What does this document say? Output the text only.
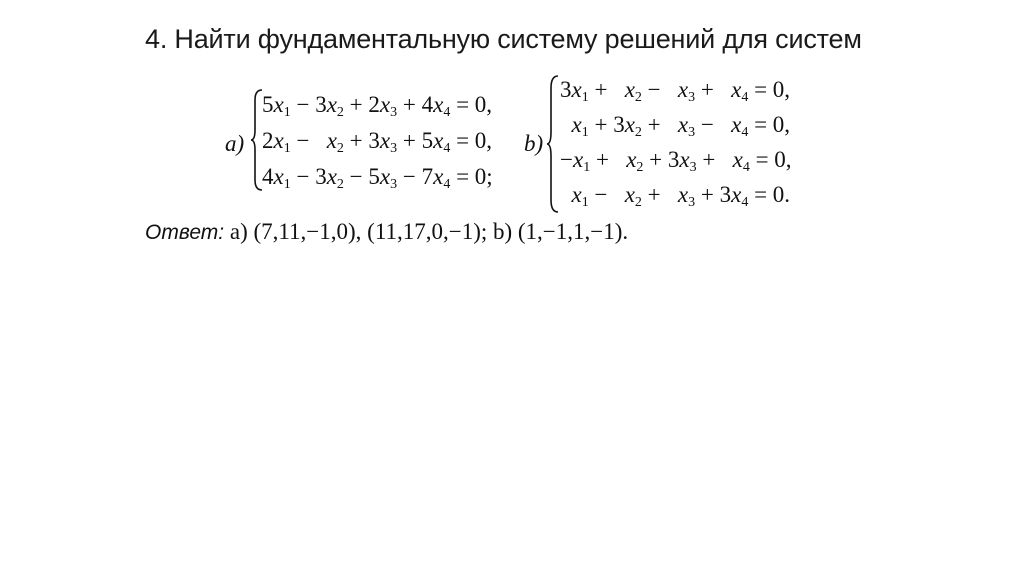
4. Найти фундаментальную систему решений для систем
a)
$5x_1 - 3x_2 + 2x_3 + 4x_4 = 0$,
$2x_1 - x_2 + 3x_3 + 5x_4 = 0$,
$4x_1 - 3x_2 - 5x_3 - 7x_4 = 0$;
b)
$3x_1 + x_2 - x_3 + x_4 = 0$,
$x_1 + 3x_2 + x_3 - x_4 = 0$,
$-x_1 + x_2 + 3x_3 + x_4 = 0$,
$x_1 - x_2 + x_3 + 3x_4 = 0$.
Ответ: a) (7,11,−1,0), (11,17,0,−1); b) (1,−1,1,−1).
